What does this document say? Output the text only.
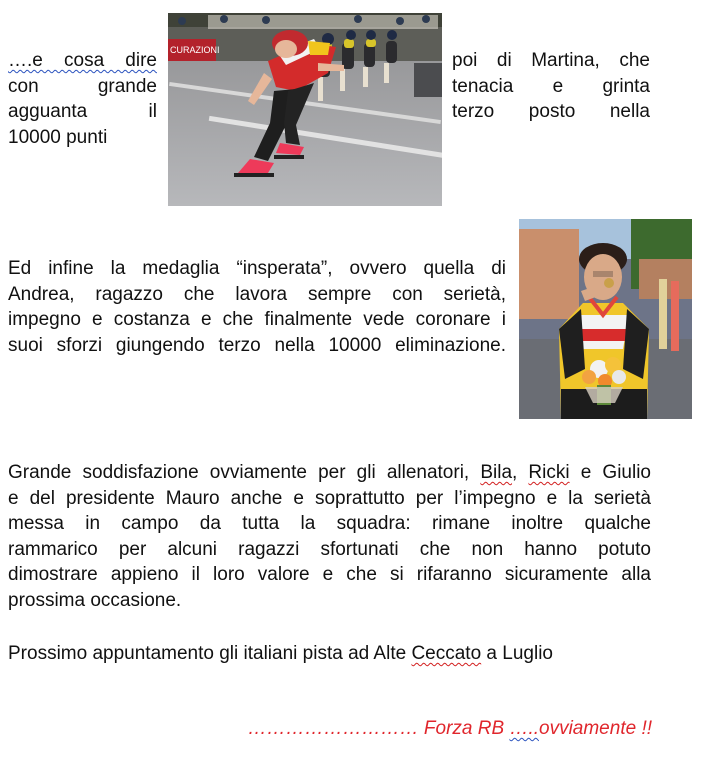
….e cosa dire
con grande
agguanta il
10000 punti
CURAZIONI	poi di Martina, che
tenacia e grinta
terzo posto nella
Ed infine la medaglia “insperata”, ovvero quella di
Andrea, ragazzo che lavora sempre con serietà,
impegno e costanza e che finalmente vede coronare i
suoi sforzi giungendo terzo nella 10000 eliminazione.
Grande soddisfazione ovviamente per gli allenatori, Bila, Ricki e Giulio
e del presidente Mauro anche e soprattutto per l’impegno e la serietà
messa in campo da tutta la squadra: rimane inoltre qualche
rammarico per alcuni ragazzi sfortunati che non hanno potuto
dimostrare appieno il loro valore e che si rifaranno sicuramente alla
prossima occasione.
Prossimo appuntamento gli italiani pista ad Alte Ceccato a Luglio
……………………… Forza RB …..ovviamente !!
